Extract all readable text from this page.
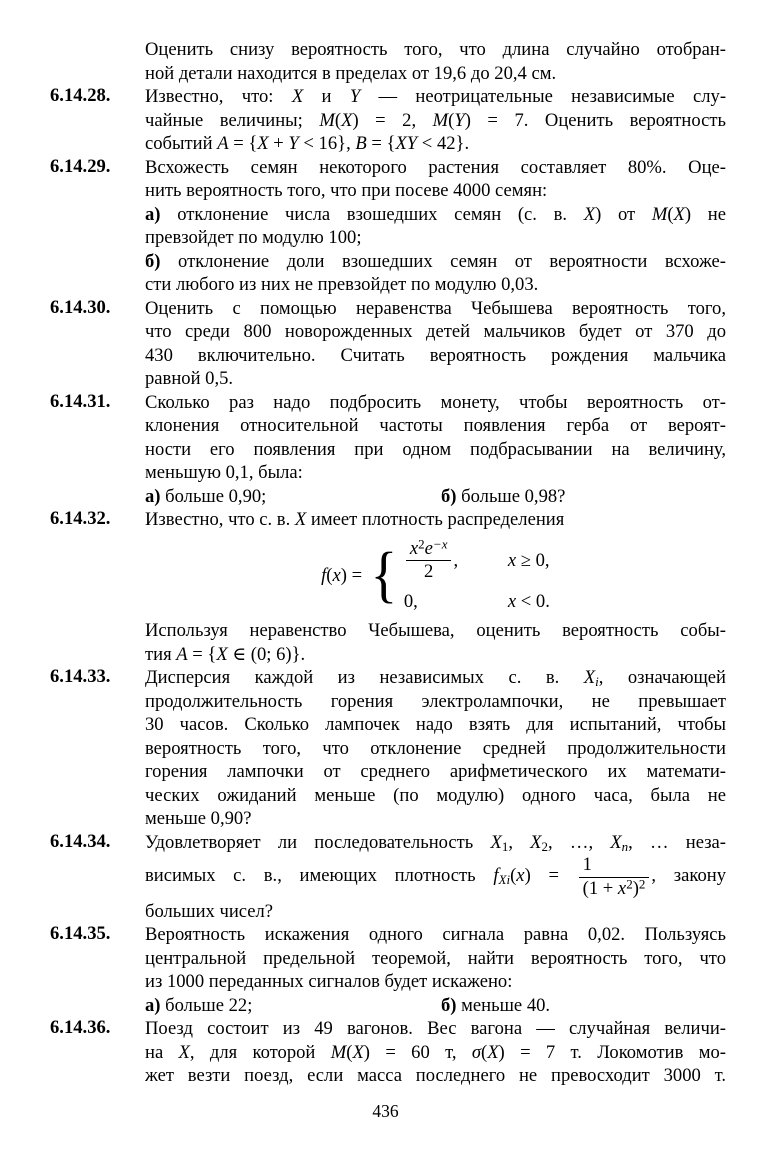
Оценить снизу вероятность того, что длина случайно отобран-
ной детали находится в пределах от 19,6 до 20,4 см.
6.14.28. Известно, что: X и Y — неотрицательные независимые слу-
чайные величины; M(X) = 2, M(Y) = 7. Оценить вероятность
событий A = {X + Y < 16}, B = {XY < 42}.
6.14.29. Всхожесть семян некоторого растения составляет 80%. Оце-
нить вероятность того, что при посеве 4000 семян:
а) отклонение числа взошедших семян (с. в. X) от M(X) не
превзойдет по модулю 100;
б) отклонение доли взошедших семян от вероятности всхоже-
сти любого из них не превзойдет по модулю 0,03.
6.14.30. Оценить с помощью неравенства Чебышева вероятность того,
что среди 800 новорожденных детей мальчиков будет от 370 до
430 включительно. Считать вероятность рождения мальчика
равной 0,5.
6.14.31. Сколько раз надо подбросить монету, чтобы вероятность от-
клонения относительной частоты появления герба от вероят-
ности его появления при одном подбрасывании на величину,
меньшую 0,1, была:
а) больше 0,90;	б) больше 0,98?
6.14.32. Известно, что с. в. X имеет плотность распределения
f(x) = { $\frac{x^2e^{-x}}{2}$ ,	x ≥ 0,
0,	x < 0.
Используя неравенство Чебышева, оценить вероятность собы-
тия A = {X ∈ (0; 6)}.
6.14.33. Дисперсия каждой из независимых с. в. Xi, означающей
продолжительность горения электролампочки, не превышает
30 часов. Сколько лампочек надо взять для испытаний, чтобы
вероятность того, что отклонение средней продолжительности
горения лампочки от среднего арифметического их математи-
ческих ожиданий меньше (по модулю) одного часа, была не
меньше 0,90?
6.14.34. Удовлетворяет ли последовательность X1, X2, …, Xn, … неза-
висимых с. в., имеющих плотность $fXi(x) = \frac{1}{(1 + x^2)^2}$ , закону
больших чисел?
6.14.35. Вероятность искажения одного сигнала равна 0,02. Пользуясь
центральной предельной теоремой, найти вероятность того, что
из 1000 переданных сигналов будет искажено:
а) больше 22;	б) меньше 40.
6.14.36. Поезд состоит из 49 вагонов. Вес вагона — случайная величи-
на X, для которой M(X) = 60 т, σ(X) = 7 т. Локомотив мо-
жет везти поезд, если масса последнего не превосходит 3000 т.
436
